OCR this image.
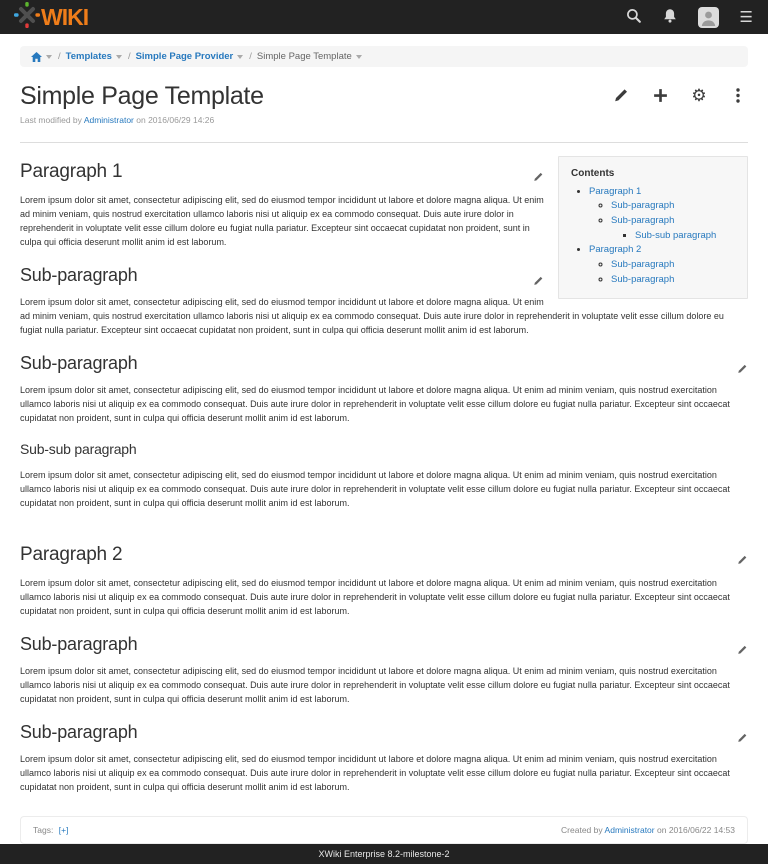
WIKI	☰
/ Templates / Simple Page Provider / Simple Page Template
Simple Page Template	⚙

Last modified by Administrator on 2016/06/29 14:26

Contents
• Paragraph 1
◦ Sub-paragraph
◦ Sub-paragraph
▪ Sub-sub paragraph
• Paragraph 2
◦ Sub-paragraph
◦ Sub-paragraph
Paragraph 1

Lorem ipsum dolor sit amet, consectetur adipiscing elit, sed do eiusmod tempor incididunt ut labore et dolore magna aliqua. Ut enim ad minim veniam, quis nostrud exercitation ullamco laboris nisi ut aliquip ex ea commodo consequat. Duis aute irure dolor in reprehenderit in voluptate velit esse cillum dolore eu fugiat nulla pariatur. Excepteur sint occaecat cupidatat non proident, sunt in culpa qui officia deserunt mollit anim id est laborum.

Sub-paragraph

Lorem ipsum dolor sit amet, consectetur adipiscing elit, sed do eiusmod tempor incididunt ut labore et dolore magna aliqua. Ut enim ad minim veniam, quis nostrud exercitation ullamco laboris nisi ut aliquip ex ea commodo consequat. Duis aute irure dolor in reprehenderit in voluptate velit esse cillum dolore eu fugiat nulla pariatur. Excepteur sint occaecat cupidatat non proident, sunt in culpa qui officia deserunt mollit anim id est laborum.

Sub-paragraph

Lorem ipsum dolor sit amet, consectetur adipiscing elit, sed do eiusmod tempor incididunt ut labore et dolore magna aliqua. Ut enim ad minim veniam, quis nostrud exercitation ullamco laboris nisi ut aliquip ex ea commodo consequat. Duis aute irure dolor in reprehenderit in voluptate velit esse cillum dolore eu fugiat nulla pariatur. Excepteur sint occaecat cupidatat non proident, sunt in culpa qui officia deserunt mollit anim id est laborum.

Sub-sub paragraph

Lorem ipsum dolor sit amet, consectetur adipiscing elit, sed do eiusmod tempor incididunt ut labore et dolore magna aliqua. Ut enim ad minim veniam, quis nostrud exercitation ullamco laboris nisi ut aliquip ex ea commodo consequat. Duis aute irure dolor in reprehenderit in voluptate velit esse cillum dolore eu fugiat nulla pariatur. Excepteur sint occaecat cupidatat non proident, sunt in culpa qui officia deserunt mollit anim id est laborum.

Paragraph 2

Lorem ipsum dolor sit amet, consectetur adipiscing elit, sed do eiusmod tempor incididunt ut labore et dolore magna aliqua. Ut enim ad minim veniam, quis nostrud exercitation ullamco laboris nisi ut aliquip ex ea commodo consequat. Duis aute irure dolor in reprehenderit in voluptate velit esse cillum dolore eu fugiat nulla pariatur. Excepteur sint occaecat cupidatat non proident, sunt in culpa qui officia deserunt mollit anim id est laborum.

Sub-paragraph

Lorem ipsum dolor sit amet, consectetur adipiscing elit, sed do eiusmod tempor incididunt ut labore et dolore magna aliqua. Ut enim ad minim veniam, quis nostrud exercitation ullamco laboris nisi ut aliquip ex ea commodo consequat. Duis aute irure dolor in reprehenderit in voluptate velit esse cillum dolore eu fugiat nulla pariatur. Excepteur sint occaecat cupidatat non proident, sunt in culpa qui officia deserunt mollit anim id est laborum.

Sub-paragraph

Lorem ipsum dolor sit amet, consectetur adipiscing elit, sed do eiusmod tempor incididunt ut labore et dolore magna aliqua. Ut enim ad minim veniam, quis nostrud exercitation ullamco laboris nisi ut aliquip ex ea commodo consequat. Duis aute irure dolor in reprehenderit in voluptate velit esse cillum dolore eu fugiat nulla pariatur. Excepteur sint occaecat cupidatat non proident, sunt in culpa qui officia deserunt mollit anim id est laborum.

Tags: [+]	Created by Administrator on 2016/06/22 14:53
XWiki Enterprise 8.2-milestone-2
